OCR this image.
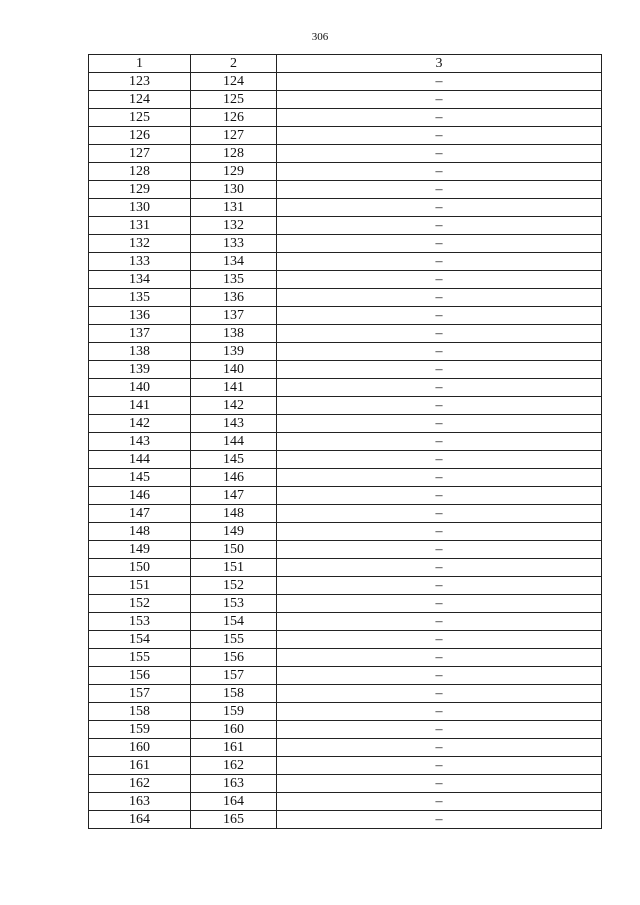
306
1	2	3
123	124	–
124	125	–
125	126	–
126	127	–
127	128	–
128	129	–
129	130	–
130	131	–
131	132	–
132	133	–
133	134	–
134	135	–
135	136	–
136	137	–
137	138	–
138	139	–
139	140	–
140	141	–
141	142	–
142	143	–
143	144	–
144	145	–
145	146	–
146	147	–
147	148	–
148	149	–
149	150	–
150	151	–
151	152	–
152	153	–
153	154	–
154	155	–
155	156	–
156	157	–
157	158	–
158	159	–
159	160	–
160	161	–
161	162	–
162	163	–
163	164	–
164	165	–
